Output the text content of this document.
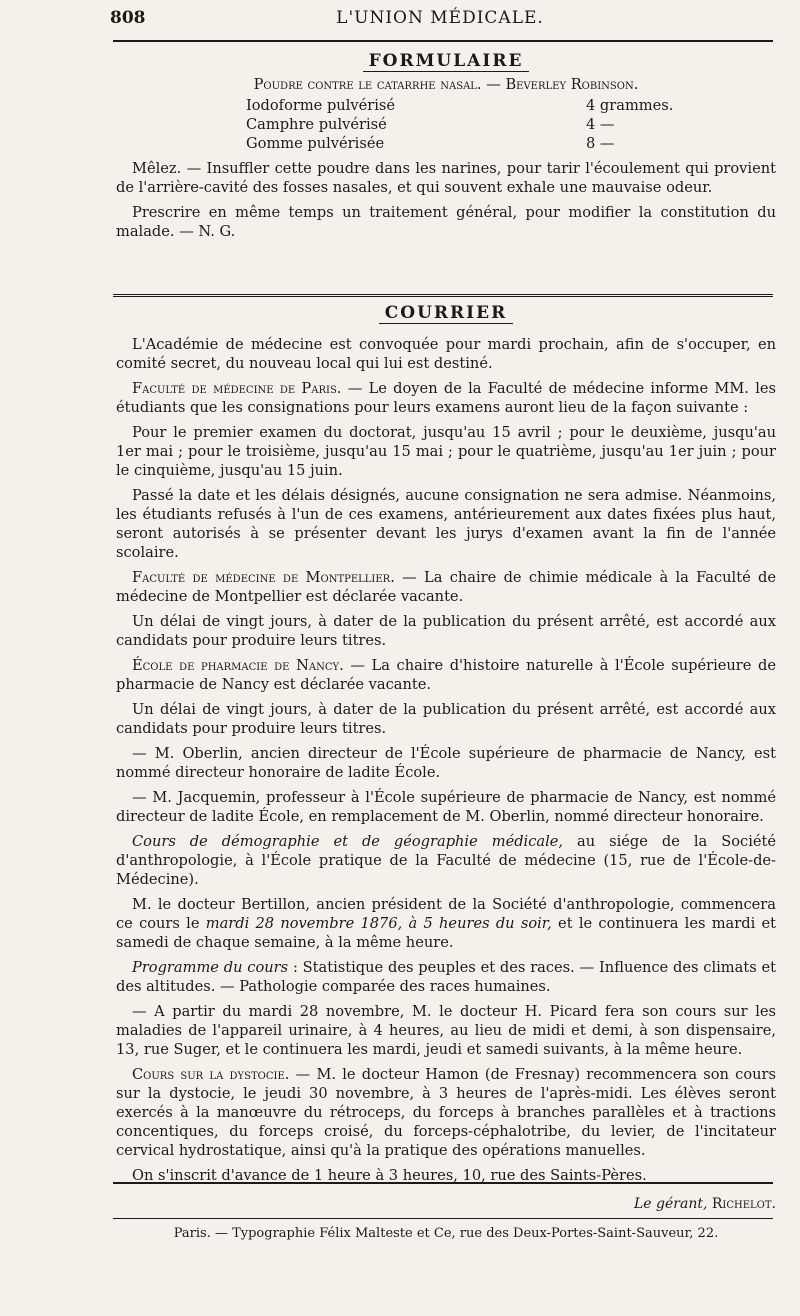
808	L'UNION MÉDICALE.
FORMULAIRE
Poudre contre le catarrhe nasal. — Beverley Robinson.
Iodoforme pulvérisé	4 grammes.
Camphre pulvérisé	4 —
Gomme pulvérisée	8 —

Mêlez. — Insuffler cette poudre dans les narines, pour tarir l'écoulement qui provient de l'arrière-cavité des fosses nasales, et qui souvent exhale une mauvaise odeur.

Prescrire en même temps un traitement général, pour modifier la constitution du malade. — N. G.

COURRIER

L'Académie de médecine est convoquée pour mardi prochain, afin de s'occuper, en comité secret, du nouveau local qui lui est destiné.

Faculté de médecine de Paris. — Le doyen de la Faculté de médecine informe MM. les étudiants que les consignations pour leurs examens auront lieu de la façon suivante :

Pour le premier examen du doctorat, jusqu'au 15 avril ; pour le deuxième, jusqu'au 1er mai ; pour le troisième, jusqu'au 15 mai ; pour le quatrième, jusqu'au 1er juin ; pour le cinquième, jusqu'au 15 juin.

Passé la date et les délais désignés, aucune consignation ne sera admise. Néanmoins, les étudiants refusés à l'un de ces examens, antérieurement aux dates fixées plus haut, seront autorisés à se présenter devant les jurys d'examen avant la fin de l'année scolaire.

Faculté de médecine de Montpellier. — La chaire de chimie médicale à la Faculté de médecine de Montpellier est déclarée vacante.

Un délai de vingt jours, à dater de la publication du présent arrêté, est accordé aux candidats pour produire leurs titres.

École de pharmacie de Nancy. — La chaire d'histoire naturelle à l'École supérieure de pharmacie de Nancy est déclarée vacante.

Un délai de vingt jours, à dater de la publication du présent arrêté, est accordé aux candidats pour produire leurs titres.

— M. Oberlin, ancien directeur de l'École supérieure de pharmacie de Nancy, est nommé directeur honoraire de ladite École.

— M. Jacquemin, professeur à l'École supérieure de pharmacie de Nancy, est nommé directeur de ladite École, en remplacement de M. Oberlin, nommé directeur honoraire.

Cours de démographie et de géographie médicale, au siége de la Société d'anthropologie, à l'École pratique de la Faculté de médecine (15, rue de l'École-de-Médecine).

M. le docteur Bertillon, ancien président de la Société d'anthropologie, commencera ce cours le mardi 28 novembre 1876, à 5 heures du soir, et le continuera les mardi et samedi de chaque semaine, à la même heure.

Programme du cours : Statistique des peuples et des races. — Influence des climats et des altitudes. — Pathologie comparée des races humaines.

— A partir du mardi 28 novembre, M. le docteur H. Picard fera son cours sur les maladies de l'appareil urinaire, à 4 heures, au lieu de midi et demi, à son dispensaire, 13, rue Suger, et le continuera les mardi, jeudi et samedi suivants, à la même heure.

Cours sur la dystocie. — M. le docteur Hamon (de Fresnay) recommencera son cours sur la dystocie, le jeudi 30 novembre, à 3 heures de l'après-midi. Les élèves seront exercés à la manœuvre du rétroceps, du forceps à branches parallèles et à tractions concentiques, du forceps croisé, du forceps-céphalotribe, du levier, de l'incitateur cervical hydrostatique, ainsi qu'à la pratique des opérations manuelles.

On s'inscrit d'avance de 1 heure à 3 heures, 10, rue des Saints-Pères.

Le gérant, Richelot.
Paris. — Typographie Félix Malteste et Ce, rue des Deux-Portes-Saint-Sauveur, 22.
